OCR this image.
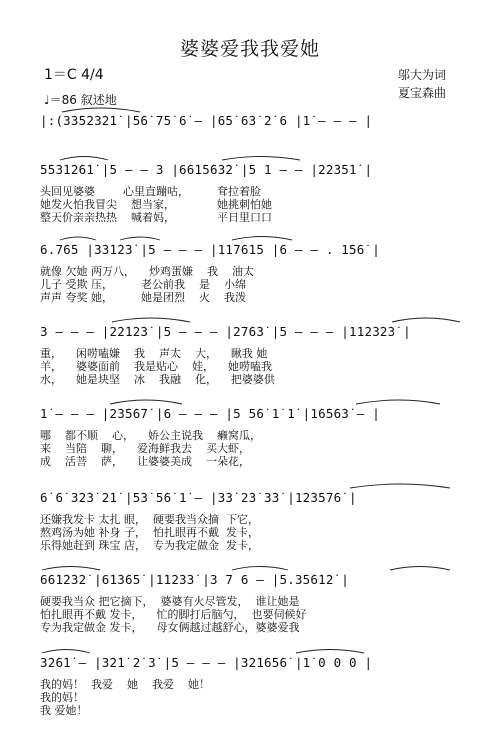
婆婆爱我我爱她
1＝C 4/4	邬大为词
夏宝森曲
♩＝86 叙述地
|:(3̇3̇5̇2̇3̇2̇1̇ |5̇6̇ 7̇5̇ 6̇ – |6̇5̇ 6̇3̇ 2̇ 6 |1̇ – – – |
5̇5̇3̇1̇2̇6̇1̇ |5 – – 3 |6̇6̇1̇5̇6̇3̇2̇ |5 1 – – |2̇2̇3̇5̇1̇ |
头回见婆婆        心里直蹦咕，        耷拉着脸
她发火怕我冒尖    想当家，            她挑刺怕她
整天价亲亲热热    喊着妈，            平日里口口
6.7̇6̇5 |3̇3̇1̇2̇3̇ |5 – – – |1̇1̇7̇6̇1̇5 |6 – – . 1̇5̇6̇ |
就像 欠她 两万八，    炒鸡蛋嫌    我    油太
儿子 受欺 压，        老公前我    是    小绵
声声 夸奖 她，        她是团烈    火    我泼
3 – – – |2̇2̇1̇2̇3̇ |5 – – – |2̇7̇6̇3̇ |5 – – – |1̇1̇2̇3̇2̇3̇ |
重，    闲唠嗑嫌    我    声太    大，    瞅我 她
羊，    婆婆面前    我是贴心    娃，    她唠嗑我
水，    她是块坚    冰    我融    化，    把婆婆供
1̇ – – – |2̇3̇5̇6̇7̇ |6 – – – |5 5̇6̇ 1̇ 1̇ |1̇6̇5̇6̇3̇ – |
哪    都不顺    心，    娇公主说我    癞窝瓜，
来    当陪    聊，    爱海鲜我去    买大虾，
成    活菩    萨，    让婆婆美成    一朵花，
6̇ 6̇ 3̇2̇3̇ 2̇1̇ |5̇3̇ 5̇6̇ 1̇ – |3̇3̇ 2̇3̇ 3̇3̇ |1̇2̇3̇5̇7̇6̇ |
还嫌我发卡 太扎 眼，  硬要我当众摘  下它，
熬鸡汤为她 补身 子，  怕扎眼再不戴  发卡，
乐得她赶到 珠宝 店，  专为我定做金  发卡，
6̇6̇1̇2̇3̇2̇ |6̇1̇3̇6̇5̇ |1̇1̇2̇3̇3̇ |3 7 6 – |5.3̇5̇6̇1̇2̇ |
硬要我当众 把它摘下，  婆婆有火尽管发，  谁让她是
怕扎眼再不戴 发卡，    忙的脚打后脑勺，  也要伺候好
专为我定做金 发卡，    母女俩越过越舒心，婆婆爱我
3̇2̇6̇1̇ – |3̇2̇1̇ 2̇ 3̇ |5 – – – |3̇2̇1̇6̇5̇6̇ |1̇ 0 0 0 |
我的妈！  我爱    她    我爱    她！
我的妈！
我 爱她！
